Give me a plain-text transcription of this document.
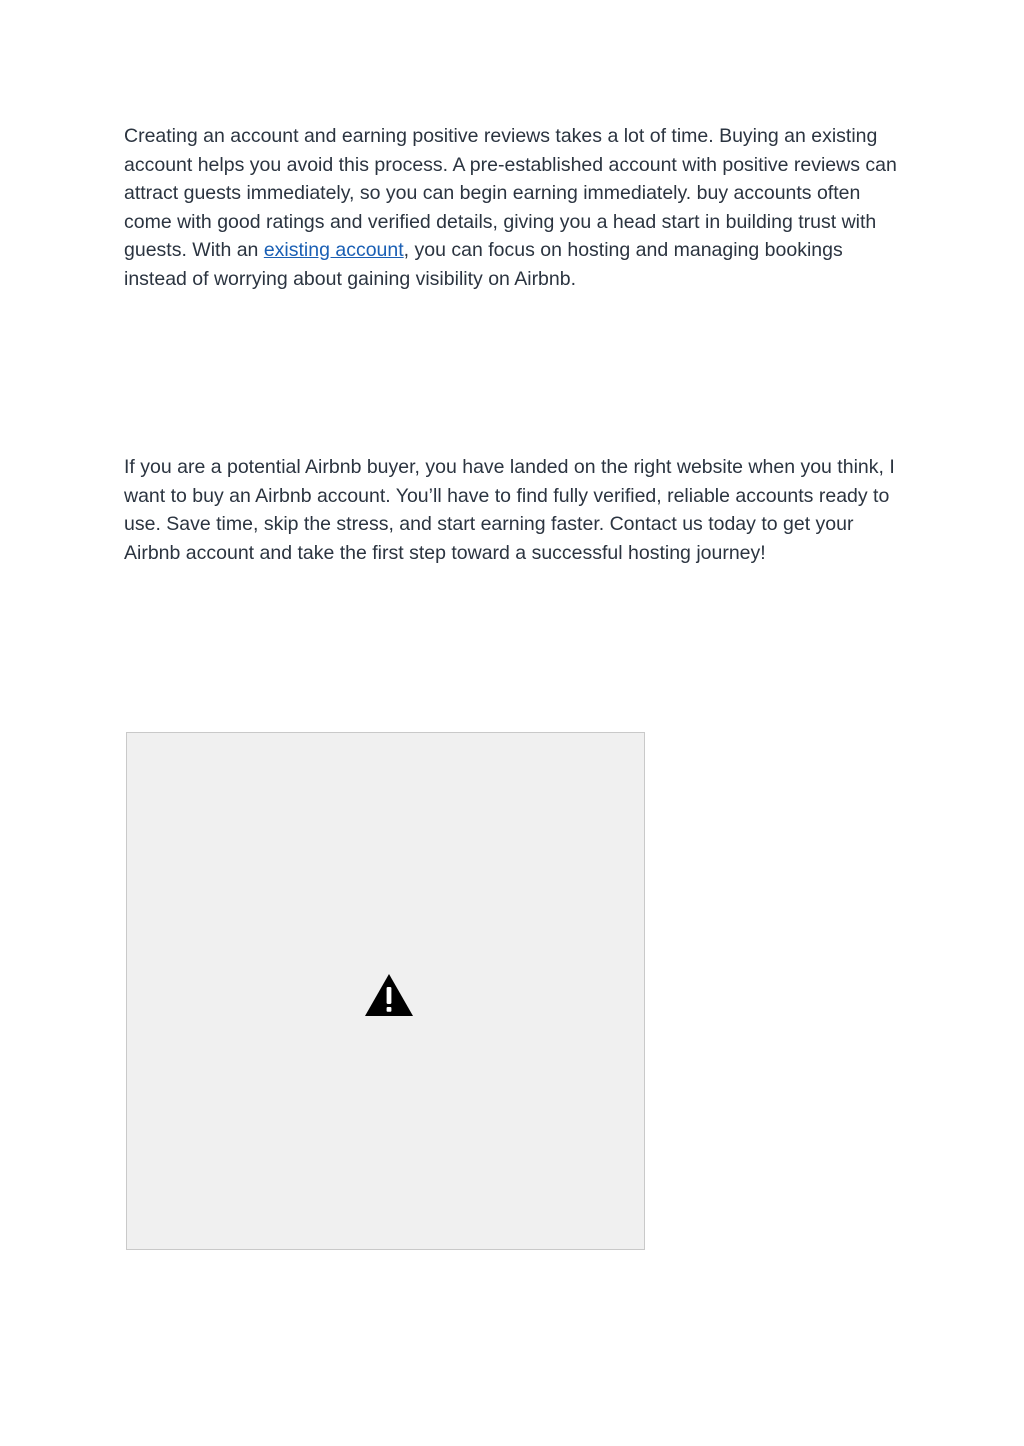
Creating an account and earning positive reviews takes a lot of time. Buying an existing account helps you avoid this process. A pre-established account with positive reviews can attract guests immediately, so you can begin earning immediately. buy accounts often come with good ratings and verified details, giving you a head start in building trust with guests. With an existing account, you can focus on hosting and managing bookings instead of worrying about gaining visibility on Airbnb.

If you are a potential Airbnb buyer, you have landed on the right website when you think, I want to buy an Airbnb account. You’ll have to find fully verified, reliable accounts ready to use. Save time, skip the stress, and start earning faster. Contact us today to get your Airbnb account and take the first step toward a successful hosting journey!
